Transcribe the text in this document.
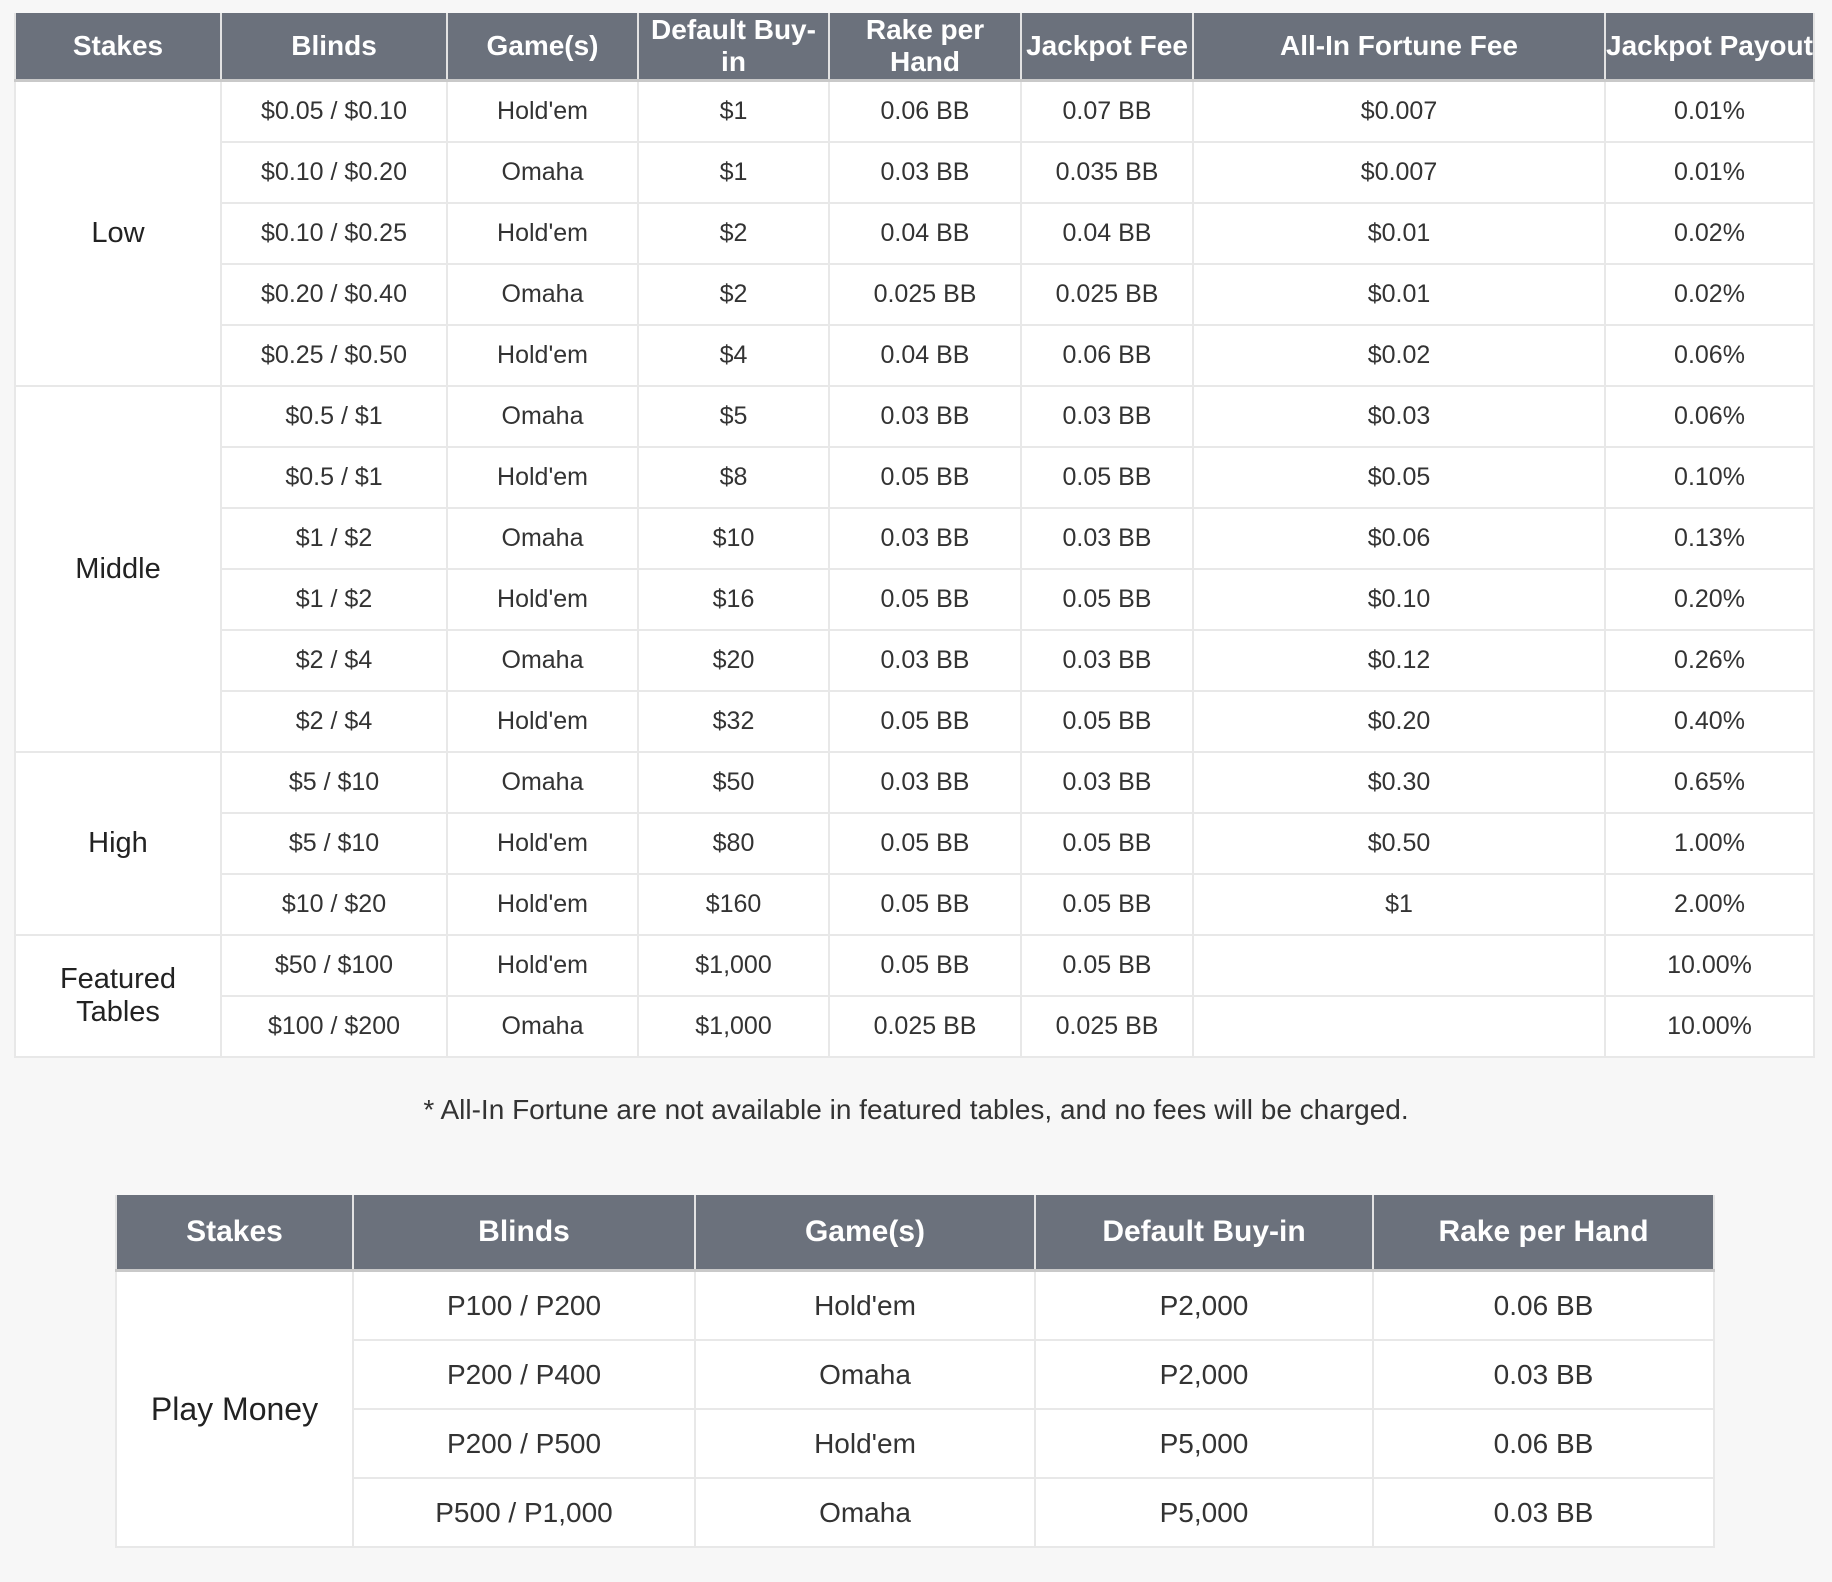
Stakes	Blinds	Game(s)	Default Buy-in	Rake per Hand	Jackpot Fee	All-In Fortune Fee	Jackpot Payout
Low	$0.05 / $0.10	Hold'em	$1	0.06 BB	0.07 BB	$0.007	0.01%
	$0.10 / $0.20	Omaha	$1	0.03 BB	0.035 BB	$0.007	0.01%
	$0.10 / $0.25	Hold'em	$2	0.04 BB	0.04 BB	$0.01	0.02%
	$0.20 / $0.40	Omaha	$2	0.025 BB	0.025 BB	$0.01	0.02%
	$0.25 / $0.50	Hold'em	$4	0.04 BB	0.06 BB	$0.02	0.06%
Middle	$0.5 / $1	Omaha	$5	0.03 BB	0.03 BB	$0.03	0.06%
	$0.5 / $1	Hold'em	$8	0.05 BB	0.05 BB	$0.05	0.10%
	$1 / $2	Omaha	$10	0.03 BB	0.03 BB	$0.06	0.13%
	$1 / $2	Hold'em	$16	0.05 BB	0.05 BB	$0.10	0.20%
	$2 / $4	Omaha	$20	0.03 BB	0.03 BB	$0.12	0.26%
	$2 / $4	Hold'em	$32	0.05 BB	0.05 BB	$0.20	0.40%
High	$5 / $10	Omaha	$50	0.03 BB	0.03 BB	$0.30	0.65%
	$5 / $10	Hold'em	$80	0.05 BB	0.05 BB	$0.50	1.00%
	$10 / $20	Hold'em	$160	0.05 BB	0.05 BB	$1	2.00%
Featured Tables	$50 / $100	Hold'em	$1,000	0.05 BB	0.05 BB		10.00%
	$100 / $200	Omaha	$1,000	0.025 BB	0.025 BB		10.00%
* All-In Fortune are not available in featured tables, and no fees will be charged.
Stakes	Blinds	Game(s)	Default Buy-in	Rake per Hand
Play Money	P100 / P200	Hold'em	P2,000	0.06 BB
	P200 / P400	Omaha	P2,000	0.03 BB
	P200 / P500	Hold'em	P5,000	0.06 BB
	P500 / P1,000	Omaha	P5,000	0.03 BB
